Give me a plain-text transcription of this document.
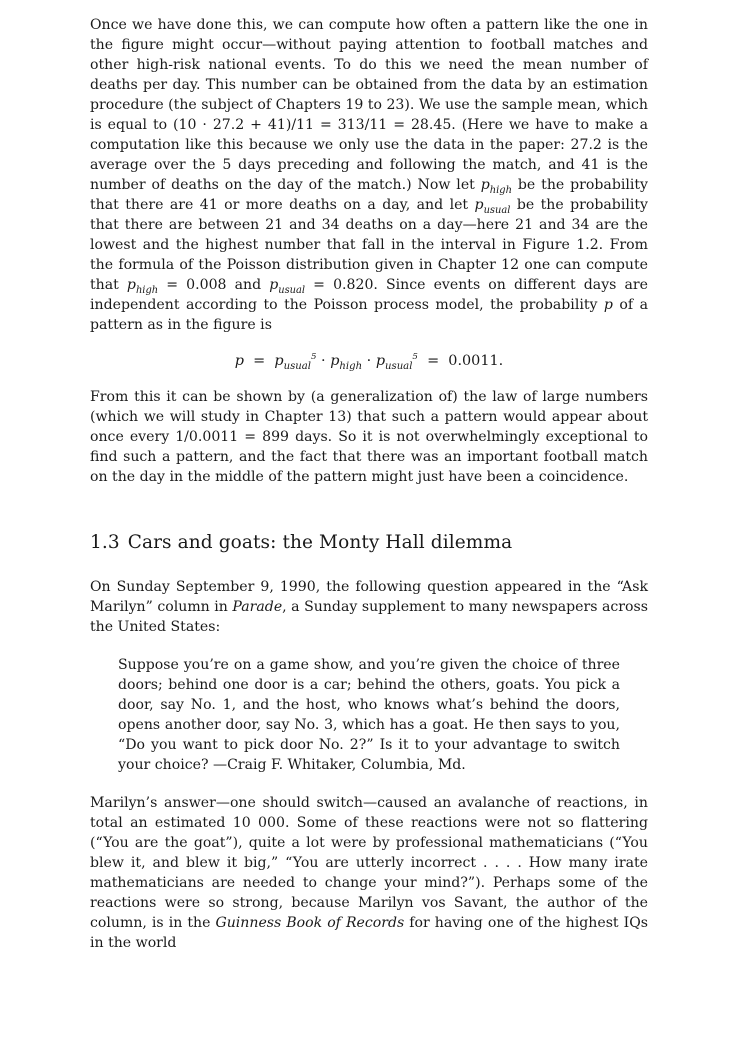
Once we have done this, we can compute how often a pattern like the one in the figure might occur—without paying attention to football matches and other high-risk national events. To do this we need the mean number of deaths per day. This number can be obtained from the data by an estimation procedure (the subject of Chapters 19 to 23). We use the sample mean, which is equal to (10 · 27.2 + 41)/11 = 313/11 = 28.45. (Here we have to make a computation like this because we only use the data in the paper: 27.2 is the average over the 5 days preceding and following the match, and 41 is the number of deaths on the day of the match.) Now let $p_{high}$ be the probability that there are 41 or more deaths on a day, and let $p_{usual}$ be the probability that there are between 21 and 34 deaths on a day—here 21 and 34 are the lowest and the highest number that fall in the interval in Figure 1.2. From the formula of the Poisson distribution given in Chapter 12 one can compute that $p_{high} = 0.008$ and $p_{usual} = 0.820$. Since events on different days are independent according to the Poisson process model, the probability p of a pattern as in the figure is

$p = p_{usual}^5 \cdot p_{high} \cdot p_{usual}^5 = 0.0011$.

From this it can be shown by (a generalization of) the law of large numbers (which we will study in Chapter 13) that such a pattern would appear about once every 1/0.0011 = 899 days. So it is not overwhelmingly exceptional to find such a pattern, and the fact that there was an important football match on the day in the middle of the pattern might just have been a coincidence.

1.3 Cars and goats: the Monty Hall dilemma

On Sunday September 9, 1990, the following question appeared in the “Ask Marilyn” column in Parade, a Sunday supplement to many newspapers across the United States:

Suppose you’re on a game show, and you’re given the choice of three doors; behind one door is a car; behind the others, goats. You pick a door, say No. 1, and the host, who knows what’s behind the doors, opens another door, say No. 3, which has a goat. He then says to you, “Do you want to pick door No. 2?” Is it to your advantage to switch your choice? —Craig F. Whitaker, Columbia, Md.

Marilyn’s answer—one should switch—caused an avalanche of reactions, in total an estimated 10 000. Some of these reactions were not so flattering (“You are the goat”), quite a lot were by professional mathematicians (“You blew it, and blew it big,” “You are utterly incorrect . . . . How many irate mathematicians are needed to change your mind?”). Perhaps some of the reactions were so strong, because Marilyn vos Savant, the author of the column, is in the Guinness Book of Records for having one of the highest IQs in the world
